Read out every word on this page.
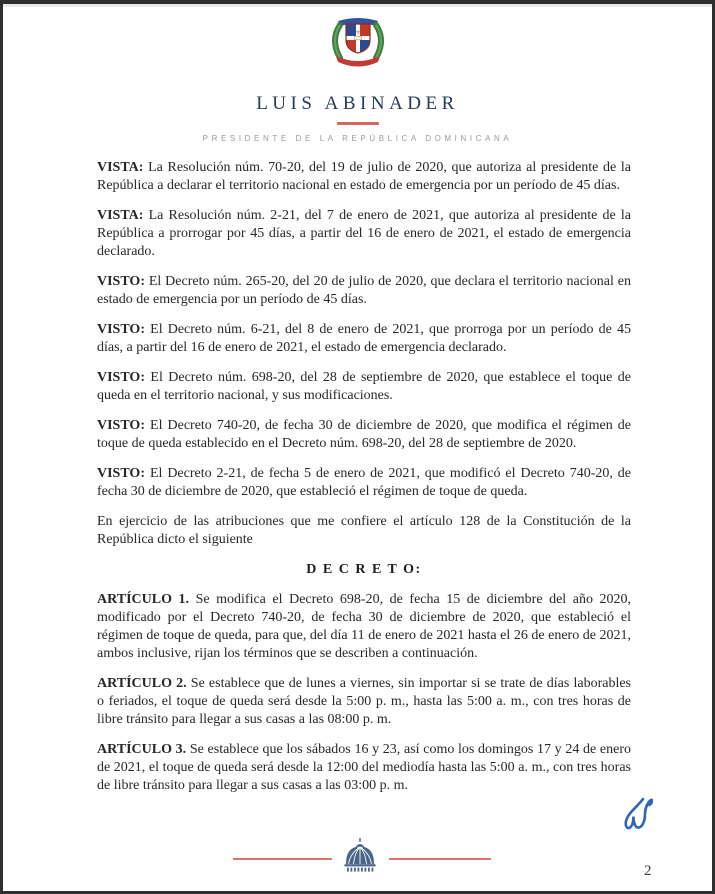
LUIS ABINADER
PRESIDENTE DE LA REPÚBLICA DOMINICANA

VISTA: La Resolución núm. 70-20, del 19 de julio de 2020, que autoriza al presidente de la República a declarar el territorio nacional en estado de emergencia por un período de 45 días.

VISTA: La Resolución núm. 2-21, del 7 de enero de 2021, que autoriza al presidente de la República a prorrogar por 45 días, a partir del 16 de enero de 2021, el estado de emergencia declarado.

VISTO: El Decreto núm. 265-20, del 20 de julio de 2020, que declara el territorio nacional en estado de emergencia por un período de 45 días.

VISTO: El Decreto núm. 6-21, del 8 de enero de 2021, que prorroga por un período de 45 días, a partir del 16 de enero de 2021, el estado de emergencia declarado.

VISTO: El Decreto núm. 698-20, del 28 de septiembre de 2020, que establece el toque de queda en el territorio nacional, y sus modificaciones.

VISTO: El Decreto 740-20, de fecha 30 de diciembre de 2020, que modifica el régimen de toque de queda establecido en el Decreto núm. 698-20, del 28 de septiembre de 2020.

VISTO: El Decreto 2-21, de fecha 5 de enero de 2021, que modificó el Decreto 740-20, de fecha 30 de diciembre de 2020, que estableció el régimen de toque de queda.

En ejercicio de las atribuciones que me confiere el artículo 128 de la Constitución de la República dicto el siguiente

D E C R E T O:

ARTÍCULO 1. Se modifica el Decreto 698-20, de fecha 15 de diciembre del año 2020, modificado por el Decreto 740-20, de fecha 30 de diciembre de 2020, que estableció el régimen de toque de queda, para que, del día 11 de enero de 2021 hasta el 26 de enero de 2021, ambos inclusive, rijan los términos que se describen a continuación.

ARTÍCULO 2. Se establece que de lunes a viernes, sin importar si se trate de días laborables o feriados, el toque de queda será desde la 5:00 p. m., hasta las 5:00 a. m., con tres horas de libre tránsito para llegar a sus casas a las 08:00 p. m.

ARTÍCULO 3. Se establece que los sábados 16 y 23, así como los domingos 17 y 24 de enero de 2021, el toque de queda será desde la 12:00 del mediodía hasta las 5:00 a. m., con tres horas de libre tránsito para llegar a sus casas a las 03:00 p. m.

2
